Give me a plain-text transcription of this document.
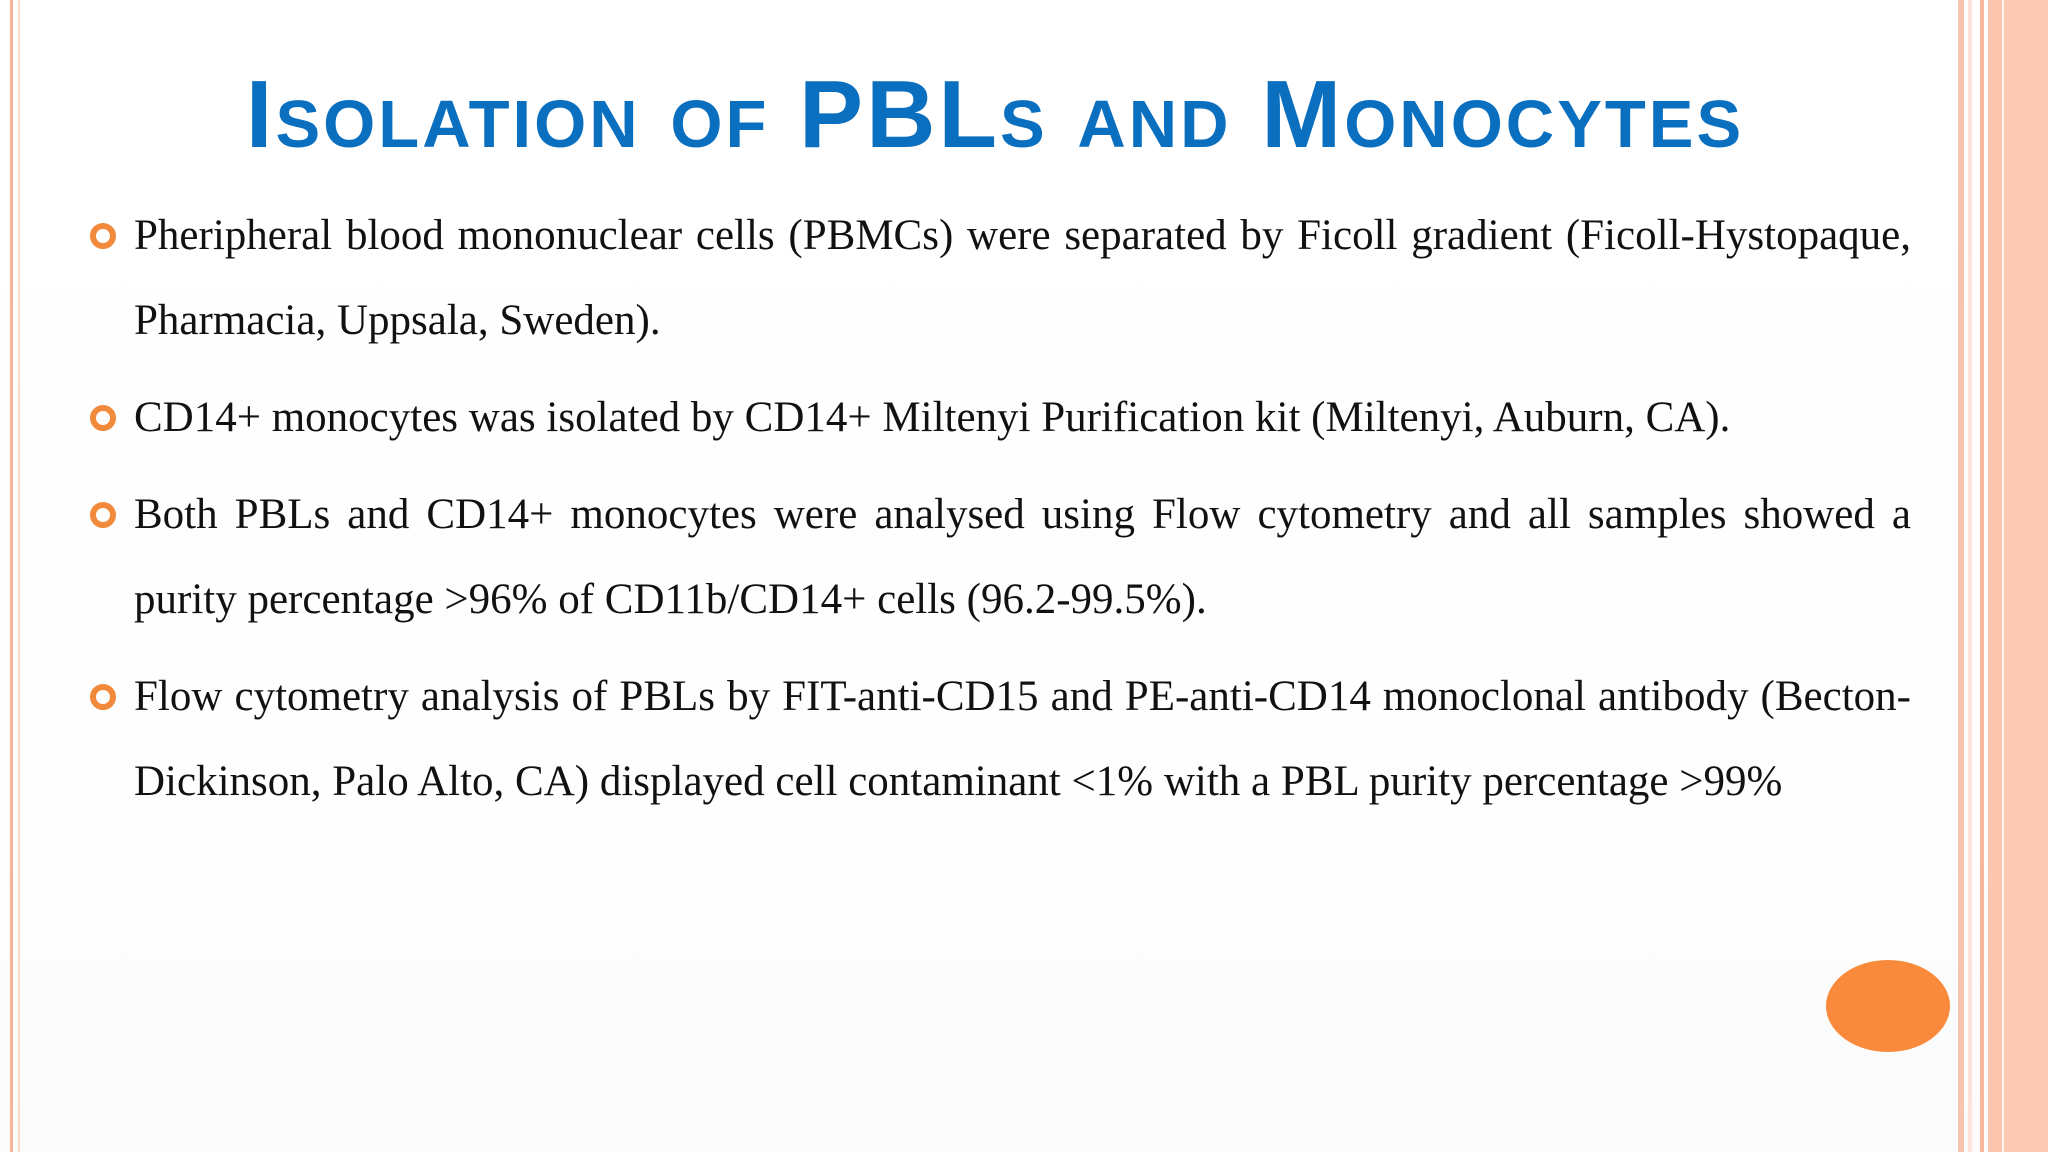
Isolation of PBLs and Monocytes
Pheripheral blood mononuclear cells (PBMCs) were separated by Ficoll gradient (Ficoll-Hystopaque, Pharmacia, Uppsala, Sweden).
CD14+ monocytes was isolated by CD14+ Miltenyi Purification kit (Miltenyi, Auburn, CA).
Both PBLs and CD14+ monocytes were analysed using Flow cytometry and all samples showed a purity percentage >96% of CD11b/CD14+ cells (96.2-99.5%).
Flow cytometry analysis of PBLs by FIT-anti-CD15 and PE-anti-CD14 monoclonal antibody (Becton-Dickinson, Palo Alto, CA) displayed cell contaminant <1% with a PBL purity percentage >99%
